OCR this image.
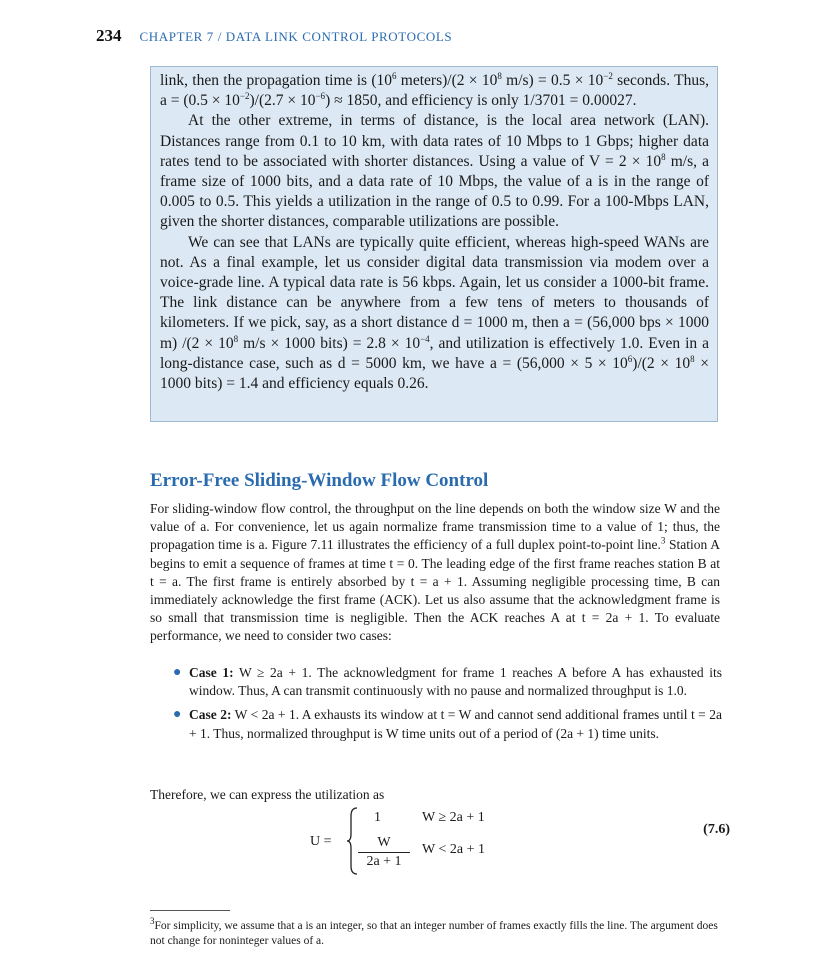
234 CHAPTER 7 / DATA LINK CONTROL PROTOCOLS

link, then the propagation time is ($10^6$ meters)/(2 × $10^8$ $m/s) = 0.5 \times 10^{-2}$ seconds. Thus, $a = (0.5 \times 10^{-2})/(2.7 \times 10^{-6}) \approx 1850$, and efficiency is only 1/3701 = 0.00027.

At the other extreme, in terms of distance, is the local area network (LAN). Distances range from 0.1 to 10 km, with data rates of 10 Mbps to 1 Gbps; higher data rates tend to be associated with shorter distances. Using a value of $V = 2 \times 10^8$ m/s, a frame size of 1000 bits, and a data rate of 10 Mbps, the value of a is in the range of 0.005 to 0.5. This yields a utilization in the range of 0.5 to 0.99. For a 100-Mbps LAN, given the shorter distances, comparable utilizations are possible.

We can see that LANs are typically quite efficient, whereas high-speed WANs are not. As a final example, let us consider digital data transmission via modem over a voice-grade line. A typical data rate is 56 kbps. Again, let us consider a 1000-bit frame. The link distance can be anywhere from a few tens of meters to thousands of kilometers. If we pick, say, as a short distance d = 1000 m, then a = (56,000 bps × 1000 m) $/(2 \times 10^8$ m/s × 1000 bits) = $2.8 \times 10^{-4}$, and utilization is effectively 1.0. Even in a long-distance case, such as d = 5000 km, we have $a = (56,000 \times 5 \times 10^6)/(2 \times 10^8 \times 1000$ bits) = 1.4 and efficiency equals 0.26.

Error-Free Sliding-Window Flow Control

For sliding-window flow control, the throughput on the line depends on both the window size W and the value of a. For convenience, let us again normalize frame transmission time to a value of 1; thus, the propagation time is a. Figure 7.11 illustrates the efficiency of a full duplex point-to-point line.$^3$ Station A begins to emit a sequence of frames at time t = 0. The leading edge of the first frame reaches station B at t = a. The first frame is entirely absorbed by t = a + 1. Assuming negligible processing time, B can immediately acknowledge the first frame (ACK). Let us also assume that the acknowledgment frame is so small that transmission time is negligible. Then the ACK reaches A at t = 2a + 1. To evaluate performance, we need to consider two cases:

● Case 1: W ≥ 2a + 1. The acknowledgment for frame 1 reaches A before A has exhausted its window. Thus, A can transmit continuously with no pause and normalized throughput is 1.0.
● Case 2: W < 2a + 1. A exhausts its window at t = W and cannot send additional frames until t = 2a + 1. Thus, normalized throughput is W time units out of a period of (2a + 1) time units.

Therefore, we can express the utilization as

U =
1	W ≥ 2a + 1
$\frac{W}{2a + 1}$ W < 2a + 1
(7.6)

$^3$For simplicity, we assume that a is an integer, so that an integer number of frames exactly fills the line. The argument does not change for noninteger values of a.
